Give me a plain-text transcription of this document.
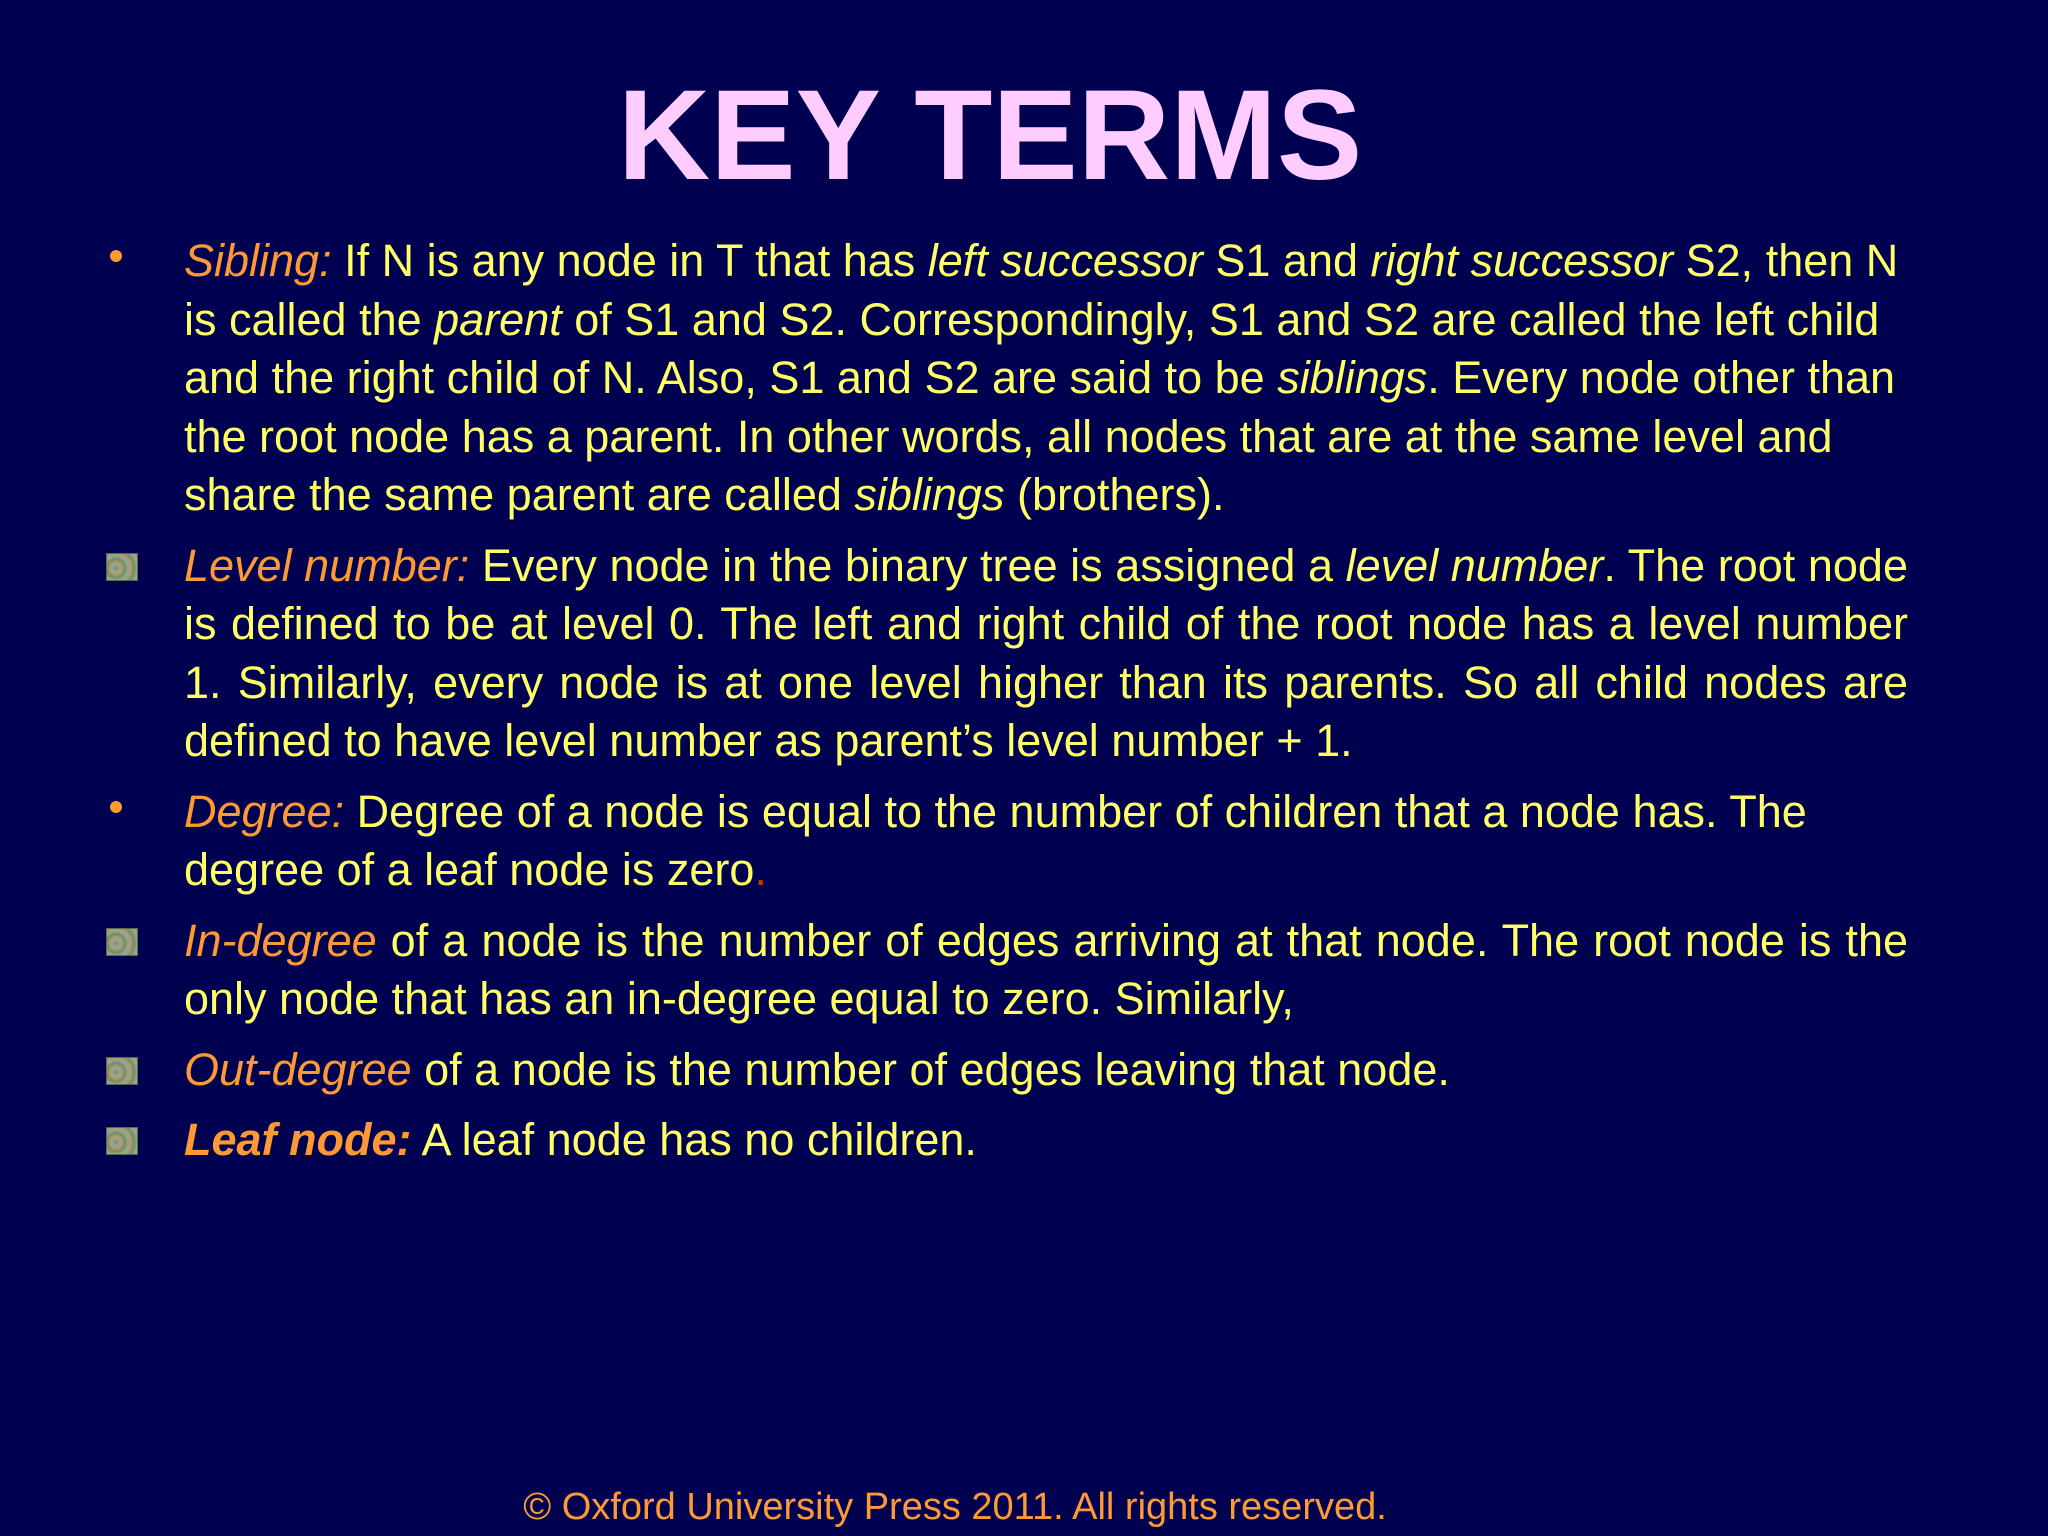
KEY TERMS
Sibling: If N is any node in T that has left successor S1 and right successor S2, then N is called the parent of S1 and S2. Correspondingly, S1 and S2 are called the left child and the right child of N. Also, S1 and S2 are said to be siblings. Every node other than the root node has a parent. In other words, all nodes that are at the same level and share the same parent are called siblings (brothers).
Level number: Every node in the binary tree is assigned a level number. The root node is defined to be at level 0. The left and right child of the root node has a level number 1. Similarly, every node is at one level higher than its parents. So all child nodes are defined to have level number as parent’s level number + 1.
Degree: Degree of a node is equal to the number of children that a node has. The degree of a leaf node is zero.
In-degree of a node is the number of edges arriving at that node. The root node is the only node that has an in-degree equal to zero. Similarly,
Out-degree of a node is the number of edges leaving that node.
Leaf node: A leaf node has no children.
© Oxford University Press 2011. All rights reserved.
